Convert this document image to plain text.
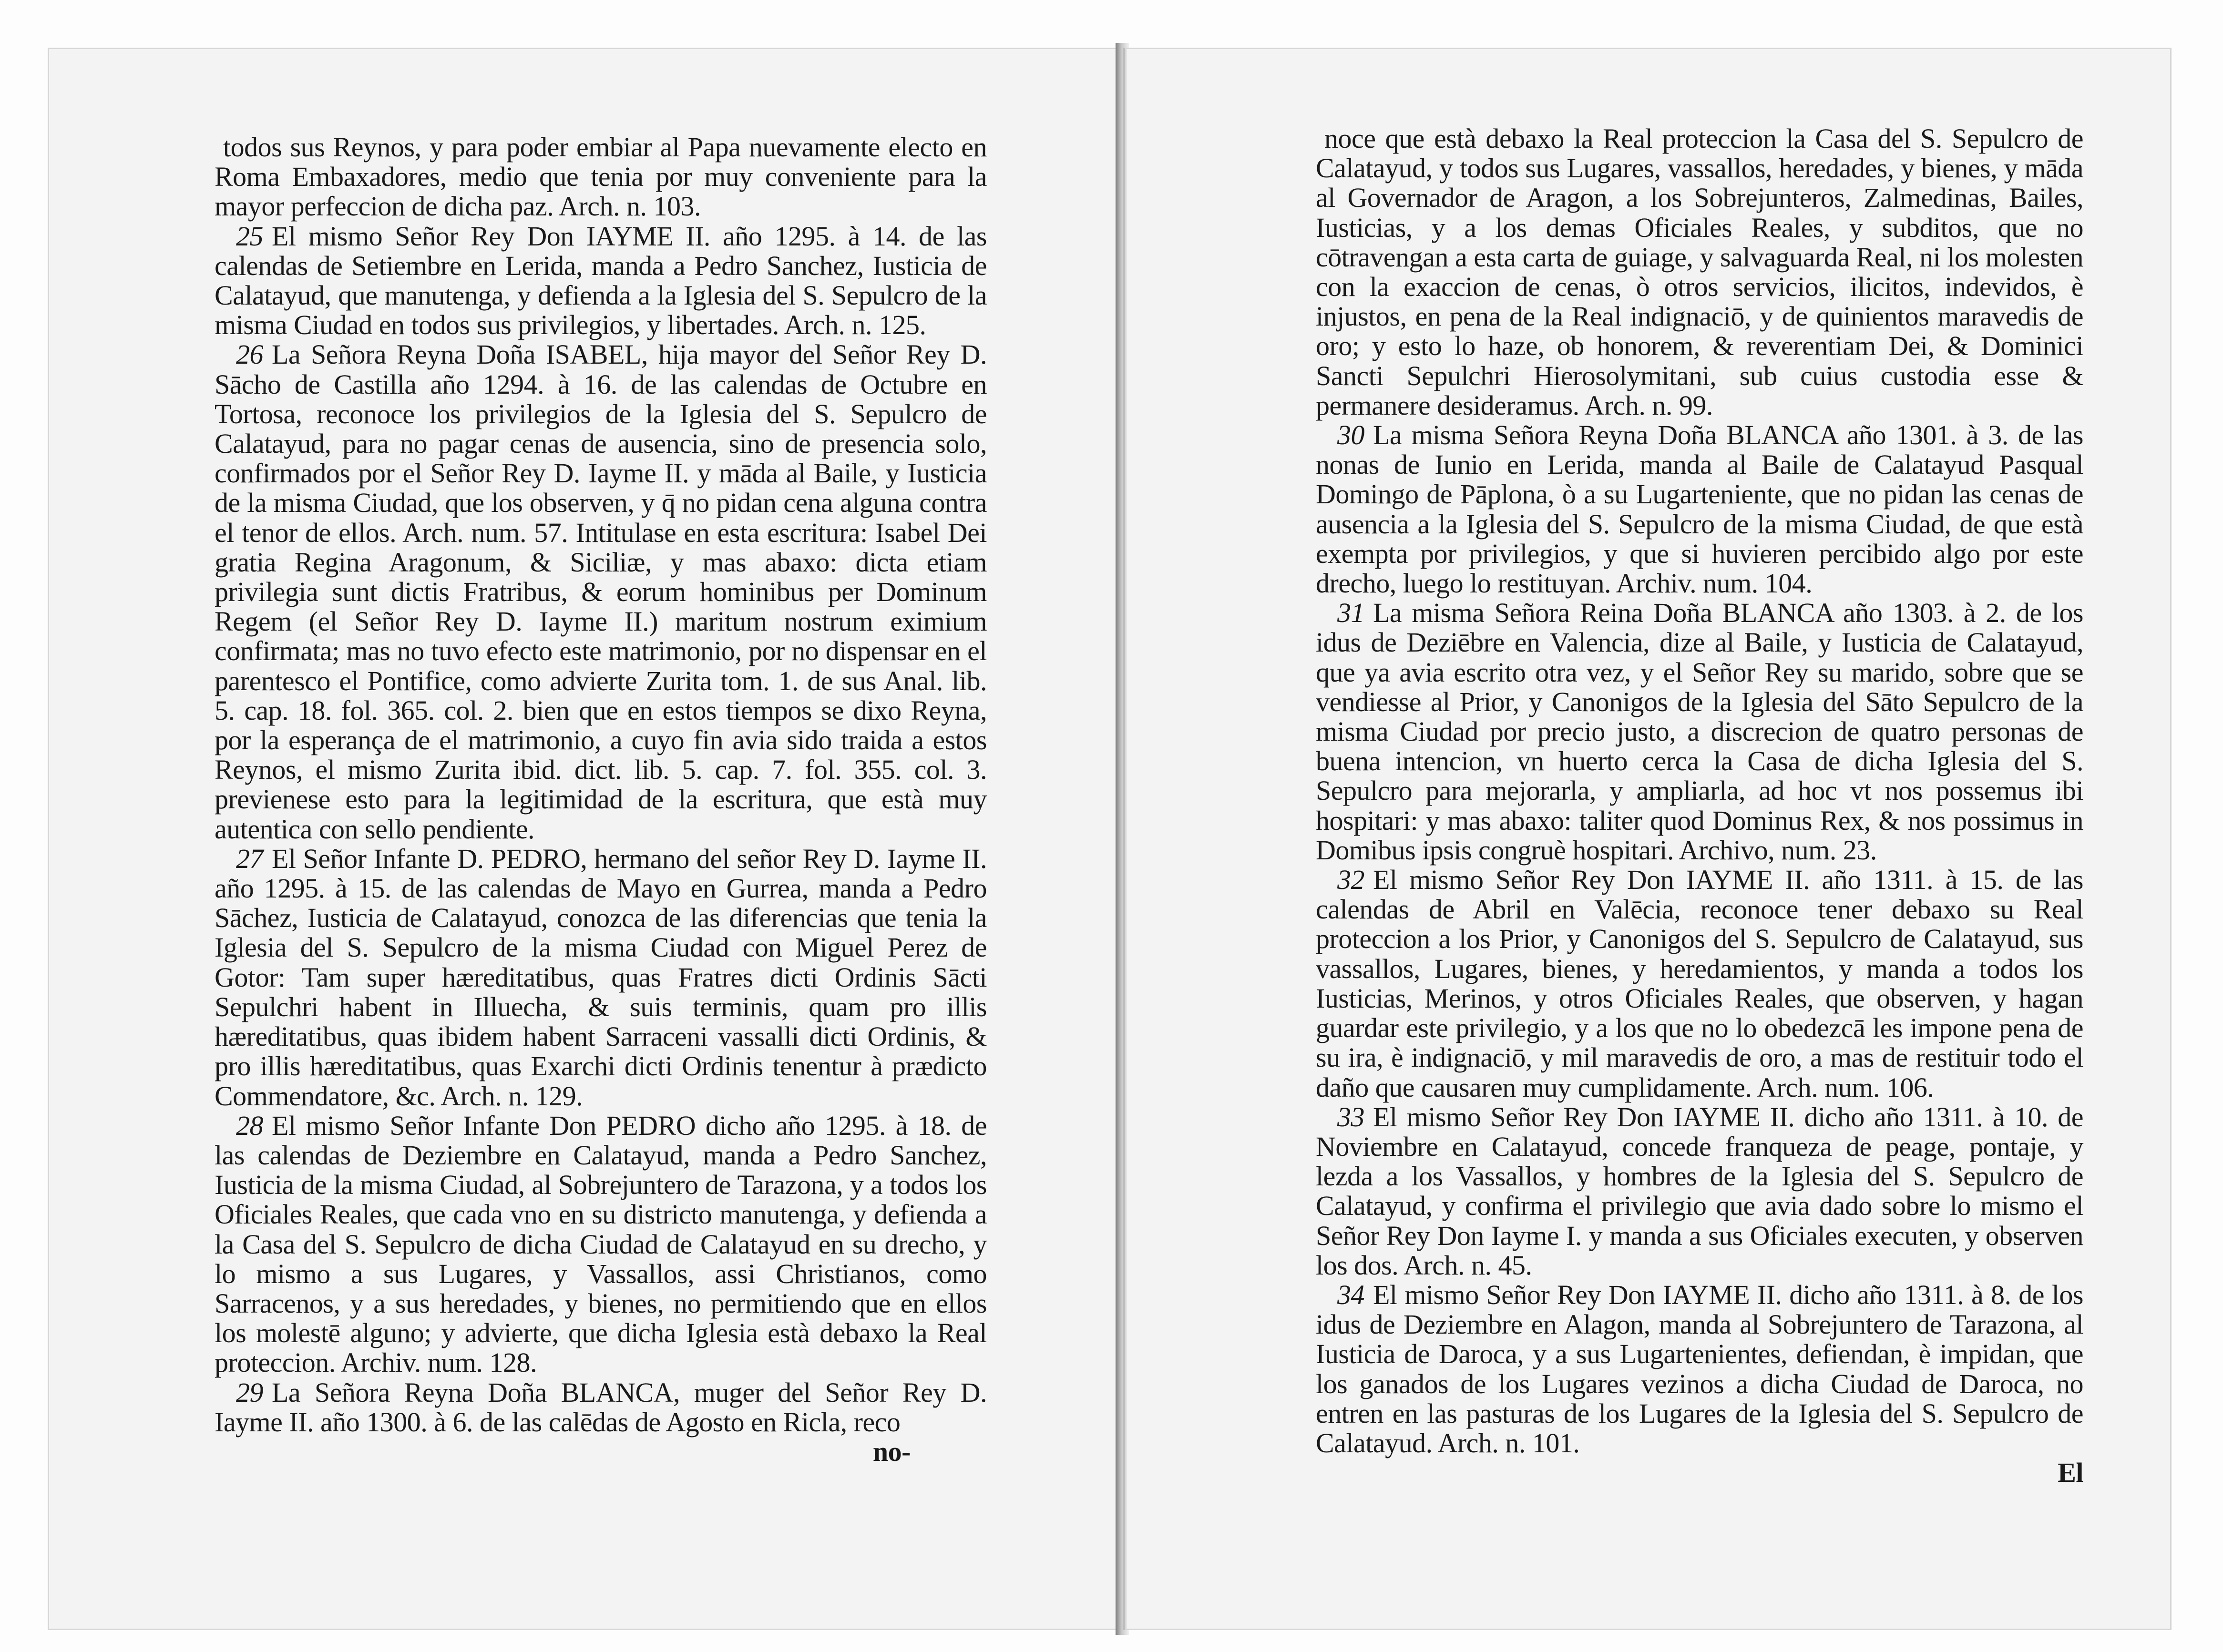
todos sus Reynos, y para poder embiar al Papa nuevamente electo en Roma Embaxadores, medio que tenia por muy conveniente para la mayor perfeccion de dicha paz. Arch. n. 103.

25 El mismo Señor Rey Don IAYME II. año 1295. à 14. de las calendas de Setiembre en Lerida, manda a Pedro Sanchez, Iusticia de Calatayud, que manutenga, y defienda a la Iglesia del S. Sepulcro de la misma Ciudad en todos sus privilegios, y libertades. Arch. n. 125.

26 La Señora Reyna Doña ISABEL, hija mayor del Señor Rey D. Sācho de Castilla año 1294. à 16. de las calendas de Octubre en Tortosa, reconoce los privilegios de la Iglesia del S. Sepulcro de Calatayud, para no pagar cenas de ausencia, sino de presencia solo, confirmados por el Señor Rey D. Iayme II. y māda al Baile, y Iusticia de la misma Ciudad, que los observen, y q̄ no pidan cena alguna contra el tenor de ellos. Arch. num. 57. Intitulase en esta escritura: Isabel Dei gratia Regina Aragonum, & Siciliæ, y mas abaxo: dicta etiam privilegia sunt dictis Fratribus, & eorum hominibus per Dominum Regem (el Señor Rey D. Iayme II.) maritum nostrum eximium confirmata; mas no tuvo efecto este matrimonio, por no dispensar en el parentesco el Pontifice, como advierte Zurita tom. 1. de sus Anal. lib. 5. cap. 18. fol. 365. col. 2. bien que en estos tiempos se dixo Reyna, por la esperança de el matrimonio, a cuyo fin avia sido traida a estos Reynos, el mismo Zurita ibid. dict. lib. 5. cap. 7. fol. 355. col. 3. previenese esto para la legitimidad de la escritura, que està muy autentica con sello pendiente.

27 El Señor Infante D. PEDRO, hermano del señor Rey D. Iayme II. año 1295. à 15. de las calendas de Mayo en Gurrea, manda a Pedro Sāchez, Iusticia de Calatayud, conozca de las diferencias que tenia la Iglesia del S. Sepulcro de la misma Ciudad con Miguel Perez de Gotor: Tam super hæreditatibus, quas Fratres dicti Ordinis Sācti Sepulchri habent in Illuecha, & suis terminis, quam pro illis hæreditatibus, quas ibidem habent Sarraceni vassalli dicti Ordinis, & pro illis hæreditatibus, quas Exarchi dicti Ordinis tenentur à prædicto Commendatore, &c. Arch. n. 129.

28 El mismo Señor Infante Don PEDRO dicho año 1295. à 18. de las calendas de Deziembre en Calatayud, manda a Pedro Sanchez, Iusticia de la misma Ciudad, al Sobrejuntero de Tarazona, y a todos los Oficiales Reales, que cada vno en su districto manutenga, y defienda a la Casa del S. Sepulcro de dicha Ciudad de Calatayud en su drecho, y lo mismo a sus Lugares, y Vassallos, assi Christianos, como Sarracenos, y a sus heredades, y bienes, no permitiendo que en ellos los molestē alguno; y advierte, que dicha Iglesia està debaxo la Real proteccion. Archiv. num. 128.

29 La Señora Reyna Doña BLANCA, muger del Señor Rey D. Iayme II. año 1300. à 6. de las calēdas de Agosto en Ricla, reco

no-

noce que està debaxo la Real proteccion la Casa del S. Sepulcro de Calatayud, y todos sus Lugares, vassallos, heredades, y bienes, y māda al Governador de Aragon, a los Sobrejunteros, Zalmedinas, Bailes, Iusticias, y a los demas Oficiales Reales, y subditos, que no cōtravengan a esta carta de guiage, y salvaguarda Real, ni los molesten con la exaccion de cenas, ò otros servicios, ilicitos, indevidos, è injustos, en pena de la Real indignaciō, y de quinientos maravedis de oro; y esto lo haze, ob honorem, & reverentiam Dei, & Dominici Sancti Sepulchri Hierosolymitani, sub cuius custodia esse & permanere desideramus. Arch. n. 99.

30 La misma Señora Reyna Doña BLANCA año 1301. à 3. de las nonas de Iunio en Lerida, manda al Baile de Calatayud Pasqual Domingo de Pāplona, ò a su Lugarteniente, que no pidan las cenas de ausencia a la Iglesia del S. Sepulcro de la misma Ciudad, de que està exempta por privilegios, y que si huvieren percibido algo por este drecho, luego lo restituyan. Archiv. num. 104.

31 La misma Señora Reina Doña BLANCA año 1303. à 2. de los idus de Deziēbre en Valencia, dize al Baile, y Iusticia de Calatayud, que ya avia escrito otra vez, y el Señor Rey su marido, sobre que se vendiesse al Prior, y Canonigos de la Iglesia del Sāto Sepulcro de la misma Ciudad por precio justo, a discrecion de quatro personas de buena intencion, vn huerto cerca la Casa de dicha Iglesia del S. Sepulcro para mejorarla, y ampliarla, ad hoc vt nos possemus ibi hospitari: y mas abaxo: taliter quod Dominus Rex, & nos possimus in Domibus ipsis congruè hospitari. Archivo, num. 23.

32 El mismo Señor Rey Don IAYME II. año 1311. à 15. de las calendas de Abril en Valēcia, reconoce tener debaxo su Real proteccion a los Prior, y Canonigos del S. Sepulcro de Calatayud, sus vassallos, Lugares, bienes, y heredamientos, y manda a todos los Iusticias, Merinos, y otros Oficiales Reales, que observen, y hagan guardar este privilegio, y a los que no lo obedezcā les impone pena de su ira, è indignaciō, y mil maravedis de oro, a mas de restituir todo el daño que causaren muy cumplidamente. Arch. num. 106.

33 El mismo Señor Rey Don IAYME II. dicho año 1311. à 10. de Noviembre en Calatayud, concede franqueza de peage, pontaje, y lezda a los Vassallos, y hombres de la Iglesia del S. Sepulcro de Calatayud, y confirma el privilegio que avia dado sobre lo mismo el Señor Rey Don Iayme I. y manda a sus Oficiales executen, y observen los dos. Arch. n. 45.

34 El mismo Señor Rey Don IAYME II. dicho año 1311. à 8. de los idus de Deziembre en Alagon, manda al Sobrejuntero de Tarazona, al Iusticia de Daroca, y a sus Lugartenientes, defiendan, è impidan, que los ganados de los Lugares vezinos a dicha Ciudad de Daroca, no entren en las pasturas de los Lugares de la Iglesia del S. Sepulcro de Calatayud. Arch. n. 101.

El
